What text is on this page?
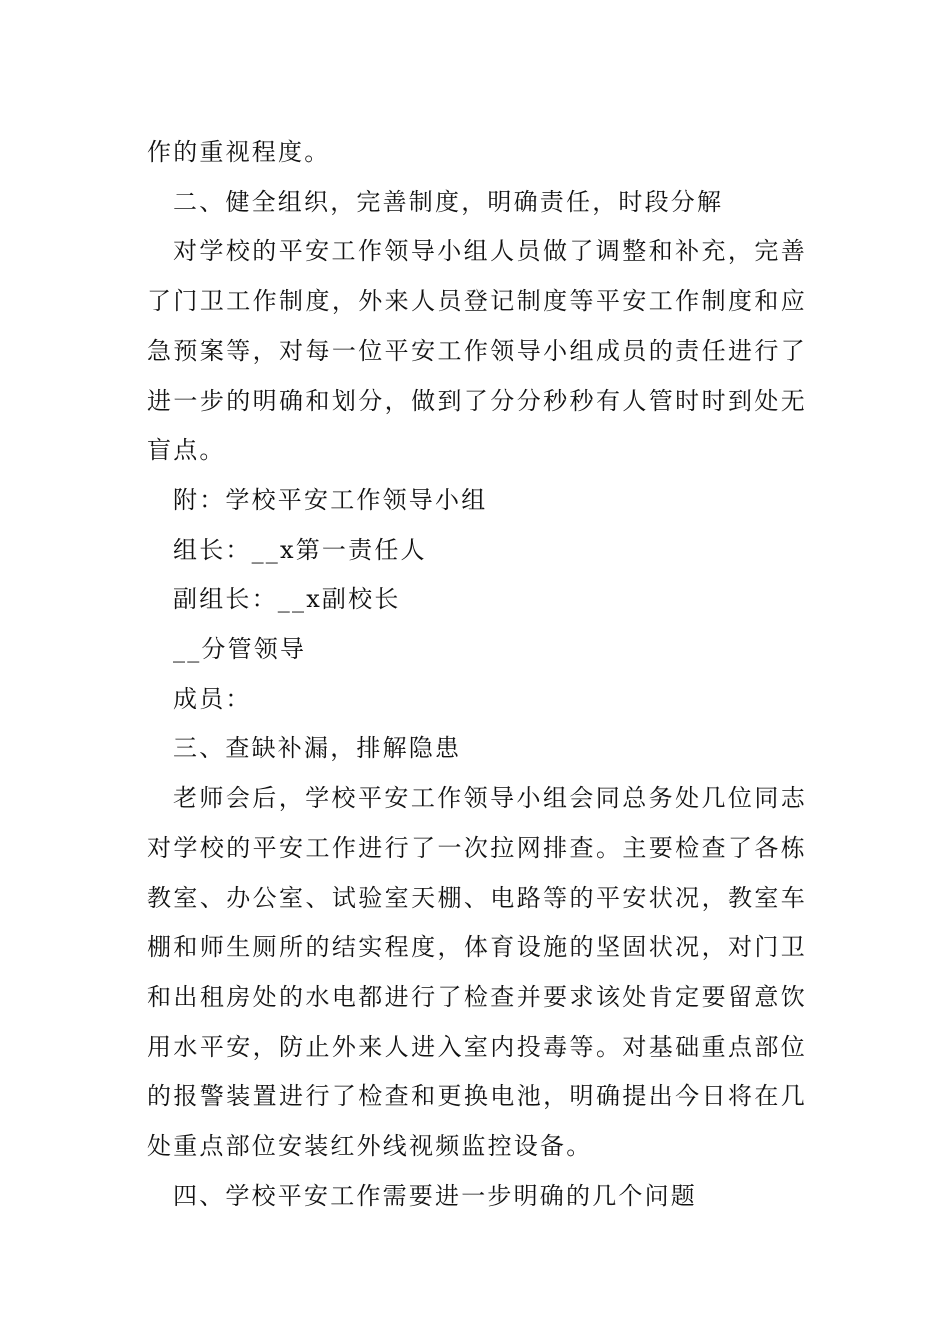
作的重视程度。

二、健全组织，完善制度，明确责任，时段分解

对学校的平安工作领导小组人员做了调整和补充，完善了门卫工作制度，外来人员登记制度等平安工作制度和应急预案等，对每一位平安工作领导小组成员的责任进行了进一步的明确和划分，做到了分分秒秒有人管时时到处无盲点。

附：学校平安工作领导小组

组长：__x第一责任人

副组长：__x副校长

__分管领导

成员：

三、查缺补漏，排解隐患

老师会后，学校平安工作领导小组会同总务处几位同志对学校的平安工作进行了一次拉网排查。主要检查了各栋教室、办公室、试验室天棚、电路等的平安状况，教室车棚和师生厕所的结实程度，体育设施的坚固状况，对门卫和出租房处的水电都进行了检查并要求该处肯定要留意饮用水平安，防止外来人进入室内投毒等。对基础重点部位的报警装置进行了检查和更换电池，明确提出今日将在几处重点部位安装红外线视频监控设备。

四、学校平安工作需要进一步明确的几个问题
